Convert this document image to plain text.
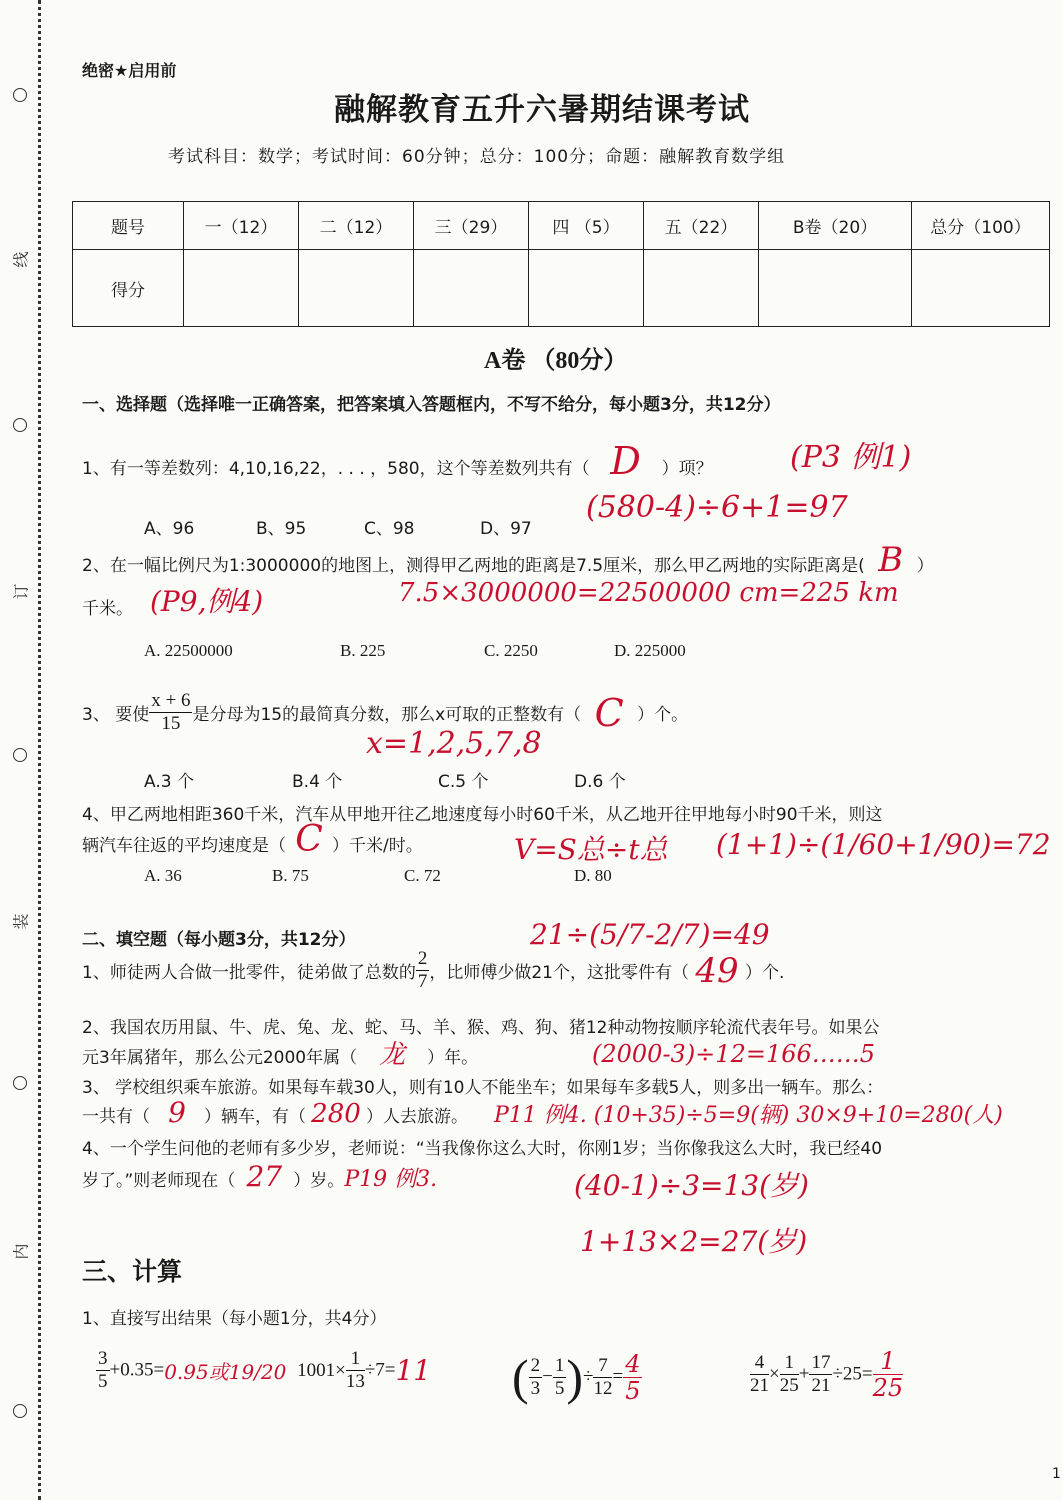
线
订
装
内
绝密★启用前
融解教育五升六暑期结课考试
考试科目：数学；考试时间：60分钟；总分：100分；命题：融解教育数学组
题号	一（12）	二（12）	三（29）	四 （5）	五（22）	B卷（20）	总分（100）
得分							
A卷 （80分）
一、选择题（选择唯一正确答案，把答案填入答题框内，不写不给分，每小题3分，共12分）
1、有一等差数列：4,10,16,22，. . . ，580，这个等差数列共有（ D ）项？	(P3 例1)
(580-4)÷6+1=97
A、96	B、95	C、98	D、97
2、在一幅比例尺为1:3000000的地图上，测得甲乙两地的距离是7.5厘米，那么甲乙两地的实际距离是( B ）
千米。 (P9,例4)	7.5×3000000=22500000 cm=225 km
A. 22500000	B. 225	C. 2250	D. 225000
3、 要使 $\frac{x + 6}{15}$ 是分母为15的最简真分数，那么x可取的正整数有（ C ）个。
x=1,2,5,7,8
A.3 个	B.4 个	C.5 个	D.6 个
4、甲乙两地相距360千米，汽车从甲地开往乙地速度每小时60千米，从乙地开往甲地每小时90千米，则这
辆汽车往返的平均速度是（ C ）千米/时。	V=S总÷t总 (1+1)÷(1/60+1/90)=72
A. 36	B. 75	C. 72	D. 80
二、填空题（每小题3分，共12分）	21÷(5/7-2/7)=49
1、师徒两人合做一批零件，徒弟做了总数的 $\frac{2}{7}$ ，比师傅少做21个，这批零件有（ 49 ）个.
2、我国农历用鼠、牛、虎、兔、龙、蛇、马、羊、猴、鸡、狗、猪12种动物按顺序轮流代表年号。如果公
元3年属猪年，那么公元2000年属（ 龙 ）年。	(2000-3)÷12=166……5
3、 学校组织乘车旅游。如果每车载30人，则有10人不能坐车；如果每车多载5人，则多出一辆车。那么：
一共有（ 9 ）辆车，有（ 280 ）人去旅游。 P11 例4. (10+35)÷5=9(辆) 30×9+10=280(人)
4、一个学生问他的老师有多少岁，老师说：“当我像你这么大时，你刚1岁；当你像我这么大时，我已经40
岁了。”则老师现在（ 27 ）岁。P19 例3.	(40-1)÷3=13(岁)
1+13×2=27(岁)
三、计算
1、直接写出结果（每小题1分，共4分）
$\frac{3}{5} +0.35=0.95$或19/20 $1001\times \frac{1}{13} \div 7=11$ ( $\frac{2}{3} - \frac{1}{5}$ )÷ $\frac{7}{12} = \frac{4}{5}$	$\frac{4}{21} \times \frac{1}{25} + \frac{17}{21} \div 25= \frac{1}{25}$
1
